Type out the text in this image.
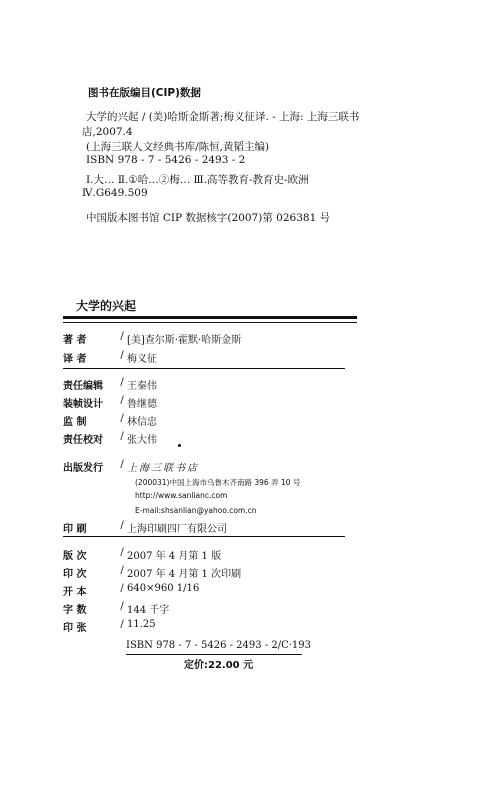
图书在版编目(CIP)数据
大学的兴起 / (美)哈斯金斯著;梅义征译. - 上海: 上海三联书
店,2007.4
(上海三联人文经典书库/陈恒,黄韬主编)
ISBN 978 - 7 - 5426 - 2493 - 2
Ⅰ.大… Ⅱ.①哈…②梅… Ⅲ.高等教育-教育史-欧洲
Ⅳ.G649.509
中国版本图书馆 CIP 数据核字(2007)第 026381 号
大学的兴起
著 者	/ [美]查尔斯·霍默·哈斯金斯
译 者	/ 梅义征
责任编辑	/ 王秦伟
装帧设计	/ 鲁继德
监 制	/ 林信忠
责任校对	/ 张大伟
出版发行	/ 上海三联书店
(200031)中国上海市乌鲁木齐南路 396 弄 10 号
http://www.sanlianc.com
E-mail:shsanlian@yahoo.com.cn
印 刷	/ 上海印刷四厂有限公司
版 次	/ 2007 年 4 月第 1 版
印 次	/ 2007 年 4 月第 1 次印刷
开 本	/ 640×960 1/16
字 数	/ 144 千字
印 张	/ 11.25
ISBN 978 - 7 - 5426 - 2493 - 2/C·193
定价:22.00 元
